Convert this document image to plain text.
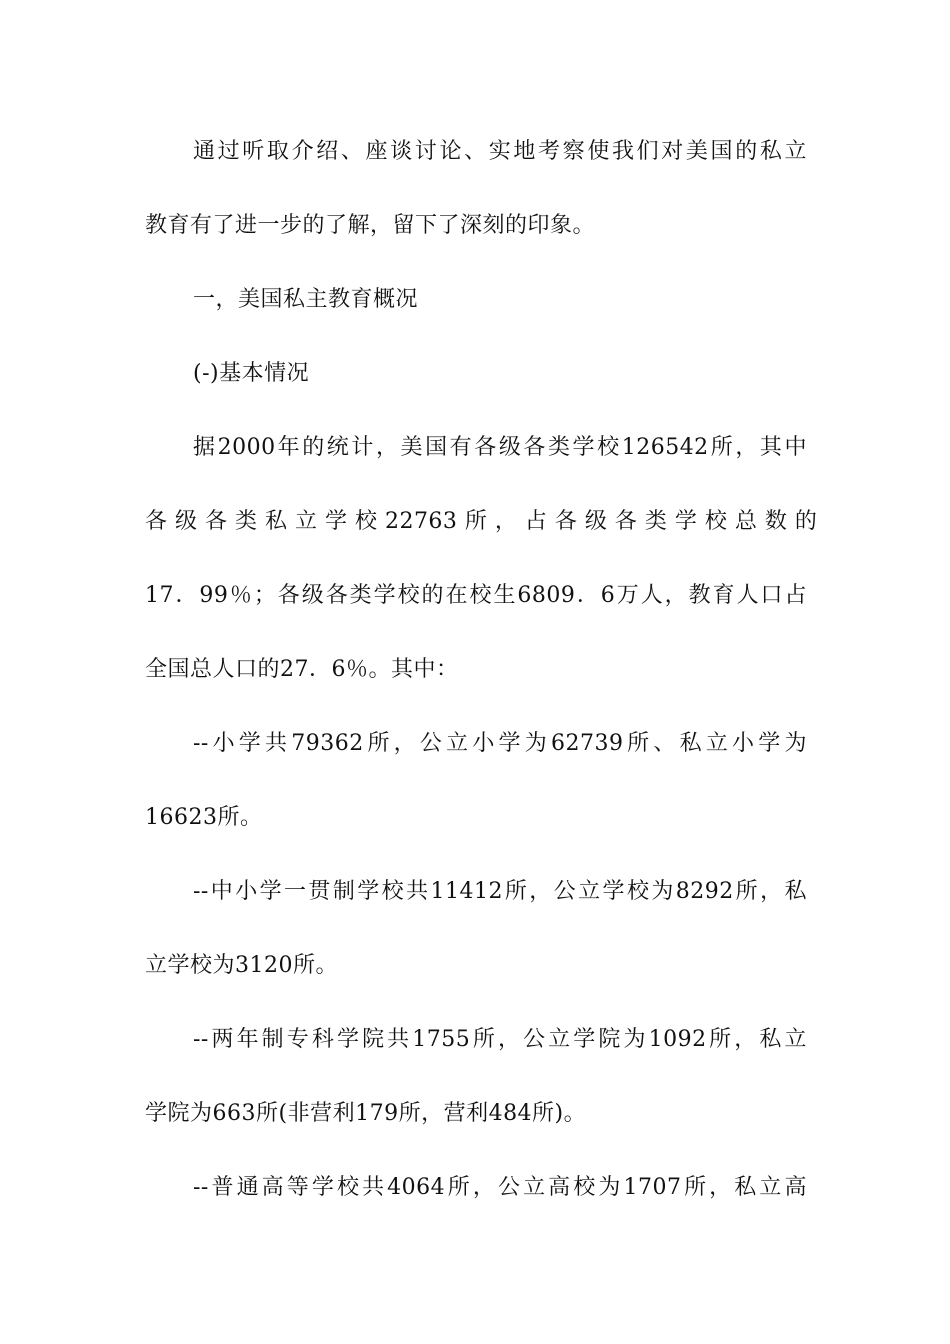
通过听取介绍、座谈讨论、实地考察使我们对美国的私立
教育有了进一步的了解，留下了深刻的印象。
一，美国私主教育概况
(-)基本情况
据2000年的统计，美国有各级各类学校126542所，其中
各 级 各 类 私 立 学 校 22763 所 ， 占 各 级 各 类 学 校 总 数 的
17．99％；各级各类学校的在校生6809．6万人，教育人口占
全国总人口的27．6％。其中：
--小学共79362所，公立小学为62739所、私立小学为
16623所。
--中小学一贯制学校共11412所，公立学校为8292所，私
立学校为3120所。
--两年制专科学院共1755所，公立学院为1092所，私立
学院为663所(非营利179所，营利484所)。
--普通高等学校共4064所，公立高校为1707所，私立高
